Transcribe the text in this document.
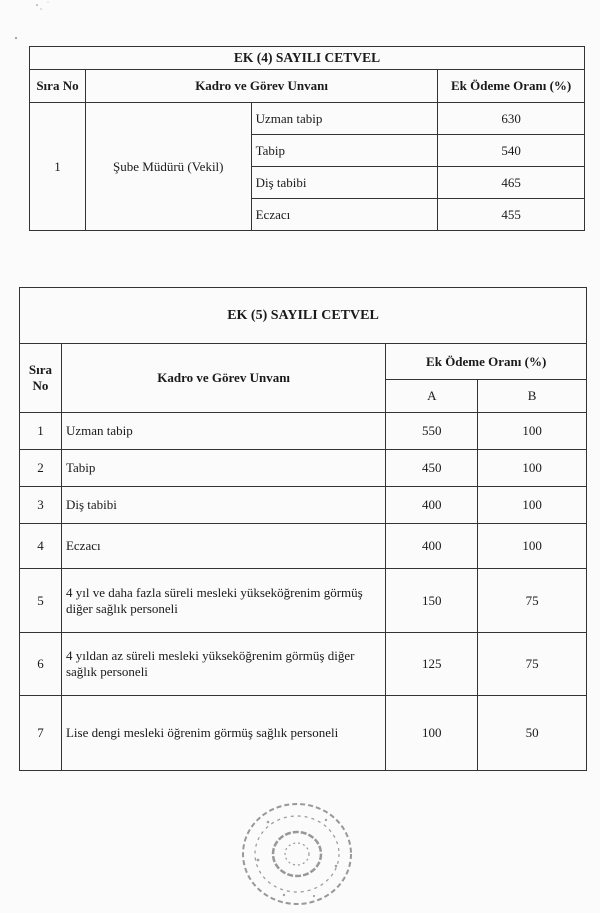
EK (4) SAYILI CETVEL			
Sıra No	Kadro ve Görev Unvanı		Ek Ödeme Oranı (%)
1	Şube Müdürü (Vekil)	Uzman tabip	630
		Tabip	540
		Diş tabibi	465
		Eczacı	455
EK (5) SAYILI CETVEL			
Sıra No	Kadro ve Görev Unvanı	Ek Ödeme Oranı (%)	
		A	B
1	Uzman tabip	550	100
2	Tabip	450	100
3	Diş tabibi	400	100
4	Eczacı	400	100
5	4 yıl ve daha fazla süreli mesleki yükseköğrenim görmüş diğer sağlık personeli	150	75
6	4 yıldan az süreli mesleki yükseköğrenim görmüş diğer sağlık personeli	125	75
7	Lise dengi mesleki öğrenim görmüş sağlık personeli	100	50
